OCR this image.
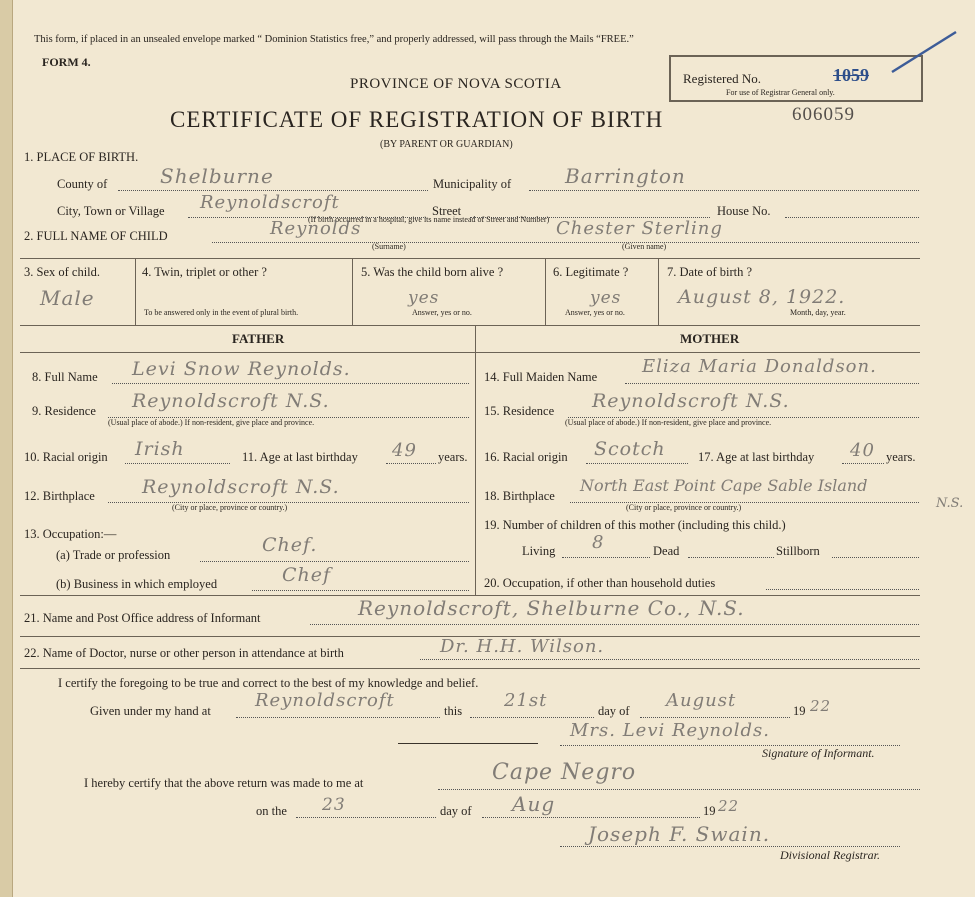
This form, if placed in an unsealed envelope marked “ Dominion Statistics free,” and properly addressed, will pass through the Mails “FREE.”
FORM 4.
PROVINCE OF NOVA SCOTIA
CERTIFICATE OF REGISTRATION OF BIRTH
(BY PARENT OR GUARDIAN)
Registered No.	1059
For use of Registrar General only.
606059
1. PLACE OF BIRTH.
County of	Shelburne	Municipality of	Barrington
City, Town or Village Reynoldscroft	Street	House No.
(If birth occurred in a hospital, give its name instead of Street and Number)
2. FULL NAME OF CHILD	Reynolds	Chester Sterling
(Surname)	(Given name)
3. Sex of child.
Male
4. Twin, triplet or other ?
To be answered only in the event of plural birth.
5. Was the child born alive ?
yes
Answer, yes or no.
6. Legitimate ?
yes
Answer, yes or no.
7. Date of birth ?
August 8, 1922.
Month, day, year.
FATHER	MOTHER
8. Full Name Levi Snow Reynolds.
9. Residence Reynoldscroft N.S.
(Usual place of abode.) If non-resident, give place and province.
10. Racial origin Irish	11. Age at last birthday 49 years.
12. Birthplace Reynoldscroft N.S.
(City or place, province or country.)
13. Occupation:—
(a) Trade or profession	Chef.
(b) Business in which employed	Chef
14. Full Maiden Name Eliza Maria Donaldson.
15. Residence Reynoldscroft N.S.
(Usual place of abode.) If non-resident, give place and province.
16. Racial origin Scotch	17. Age at last birthday 40 years.
18. Birthplace
North East Point Cape Sable Island
N.S.
(City or place, province or country.)
19. Number of children of this mother (including this child.)
Living 8	Dead	Stillborn
20. Occupation, if other than household duties
21. Name and Post Office address of Informant	Reynoldscroft, Shelburne Co., N.S.
22. Name of Doctor, nurse or other person in attendance at birth	Dr. H.H. Wilson.
I certify the foregoing to be true and correct to the best of my knowledge and belief.
Given under my hand at Reynoldscroft	this 21st	day of August	19 22
Mrs. Levi Reynolds.
Signature of Informant.
I hereby certify that the above return was made to me at	Cape Negro
on the 23	day of Aug	19 22
Joseph F. Swain.
Divisional Registrar.
